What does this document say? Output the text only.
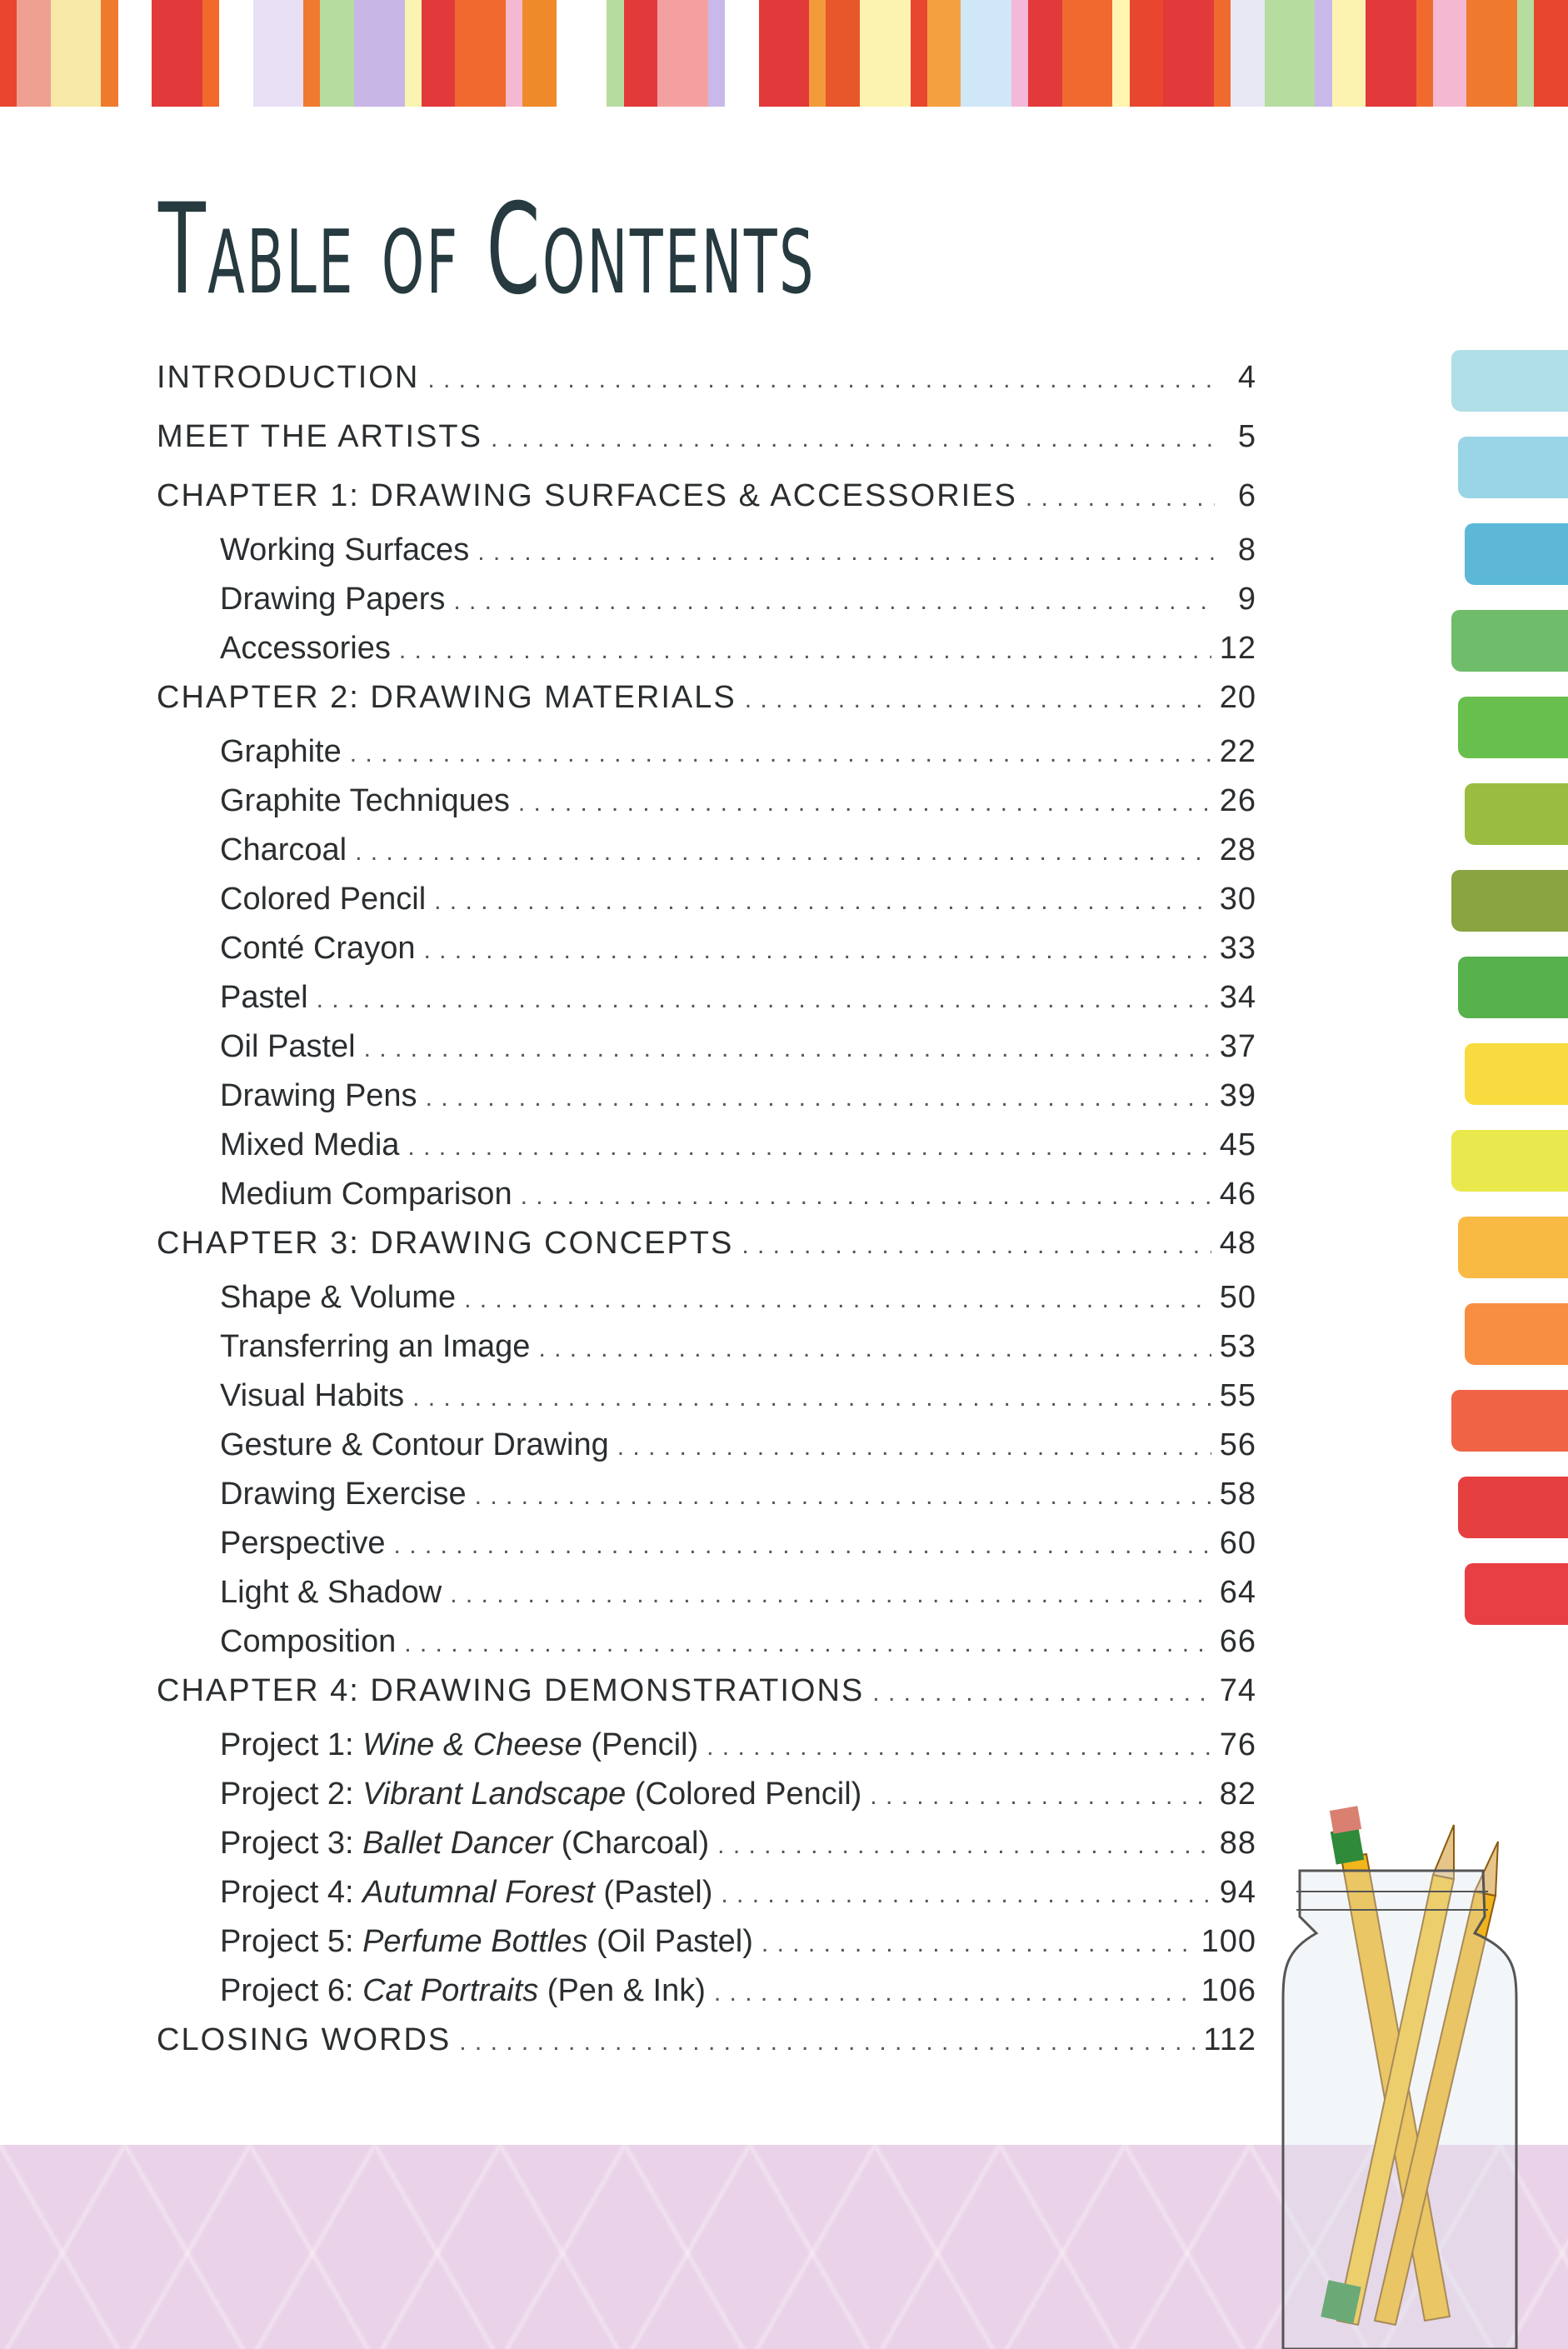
Table of Contents
INTRODUCTION . . .	4
MEET THE ARTISTS . . .	5
CHAPTER 1: DRAWING SURFACES & ACCESSORIES . . .	6
Working Surfaces . . .	8
Drawing Papers . . .	9
Accessories . . .	12
CHAPTER 2: DRAWING MATERIALS . . .	20
Graphite . . .	22
Graphite Techniques . . .	26
Charcoal . . .	28
Colored Pencil . . .	30
Conté Crayon . . .	33
Pastel . . .	34
Oil Pastel . . .	37
Drawing Pens . . .	39
Mixed Media . . .	45
Medium Comparison . . .	46
CHAPTER 3: DRAWING CONCEPTS . . .	48
Shape & Volume . . .	50
Transferring an Image . . .	53
Visual Habits . . .	55
Gesture & Contour Drawing . . .	56
Drawing Exercise . . .	58
Perspective . . .	60
Light & Shadow . . .	64
Composition . . .	66
CHAPTER 4: DRAWING DEMONSTRATIONS . . .	74
Project 1: Wine & Cheese (Pencil) . . .	76
Project 2: Vibrant Landscape (Colored Pencil) . . .	82
Project 3: Ballet Dancer (Charcoal) . . .	88
Project 4: Autumnal Forest (Pastel) . . .	94
Project 5: Perfume Bottles (Oil Pastel) . . .	100
Project 6: Cat Portraits (Pen & Ink) . . .	106
CLOSING WORDS . . .	112
